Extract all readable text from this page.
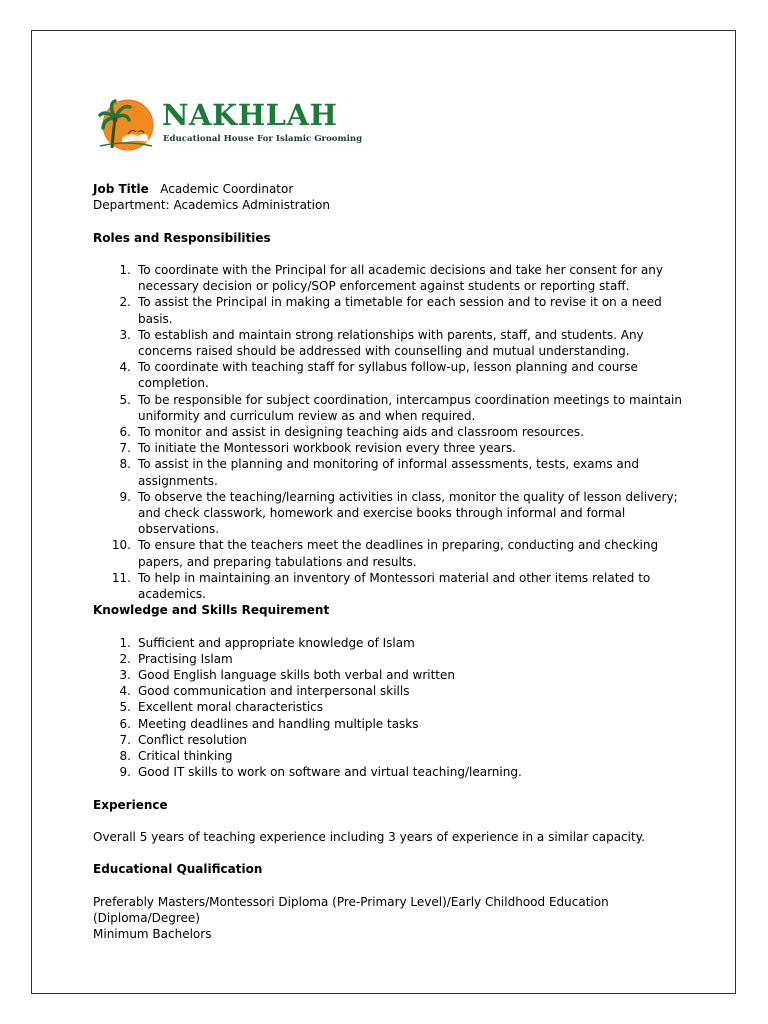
NAKHLAH
Educational House For Islamic Grooming
Job Title Academic Coordinator
Department: Academics Administration
Roles and Responsibilities
1. To coordinate with the Principal for all academic decisions and take her consent for any
necessary decision or policy/SOP enforcement against students or reporting staff.
2. To assist the Principal in making a timetable for each session and to revise it on a need basis.
3. To establish and maintain strong relationships with parents, staff, and students. Any
concerns raised should be addressed with counselling and mutual understanding.
4. To coordinate with teaching staff for syllabus follow-up, lesson planning and course
completion.
5. To be responsible for subject coordination, intercampus coordination meetings to maintain
uniformity and curriculum review as and when required.
6. To monitor and assist in designing teaching aids and classroom resources.
7. To initiate the Montessori workbook revision every three years.
8. To assist in the planning and monitoring of informal assessments, tests, exams and
assignments.
9. To observe the teaching/learning activities in class, monitor the quality of lesson delivery;
and check classwork, homework and exercise books through informal and formal
observations.
10. To ensure that the teachers meet the deadlines in preparing, conducting and checking
papers, and preparing tabulations and results.
11. To help in maintaining an inventory of Montessori material and other items related to
academics.
Knowledge and Skills Requirement
1. Sufficient and appropriate knowledge of Islam
2. Practising Islam
3. Good English language skills both verbal and written
4. Good communication and interpersonal skills
5. Excellent moral characteristics
6. Meeting deadlines and handling multiple tasks
7. Conflict resolution
8. Critical thinking
9. Good IT skills to work on software and virtual teaching/learning.
Experience
Overall 5 years of teaching experience including 3 years of experience in a similar capacity.
Educational Qualification
Preferably Masters/Montessori Diploma (Pre-Primary Level)/Early Childhood Education
(Diploma/Degree)
Minimum Bachelors
